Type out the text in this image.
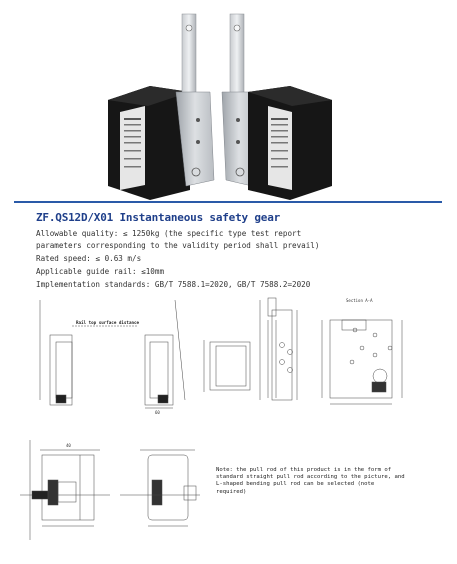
ZF.QS12D/X01 Instantaneous safety gear
Allowable quality: ≤ 1250kg (the specific type test report
parameters corresponding to the validity period shall prevail)
Rated speed: ≤ 0.63 m/s
Applicable guide rail: ≤10mm
Implementation standards: GB/T 7588.1=2020, GB/T 7588.2=2020
Rail top surface distance
60
Section A-A
40
Note: the pull rod of this product is in the form of standard straight pull rod according to the picture, and L-shaped bending pull rod can be selected (note required)
